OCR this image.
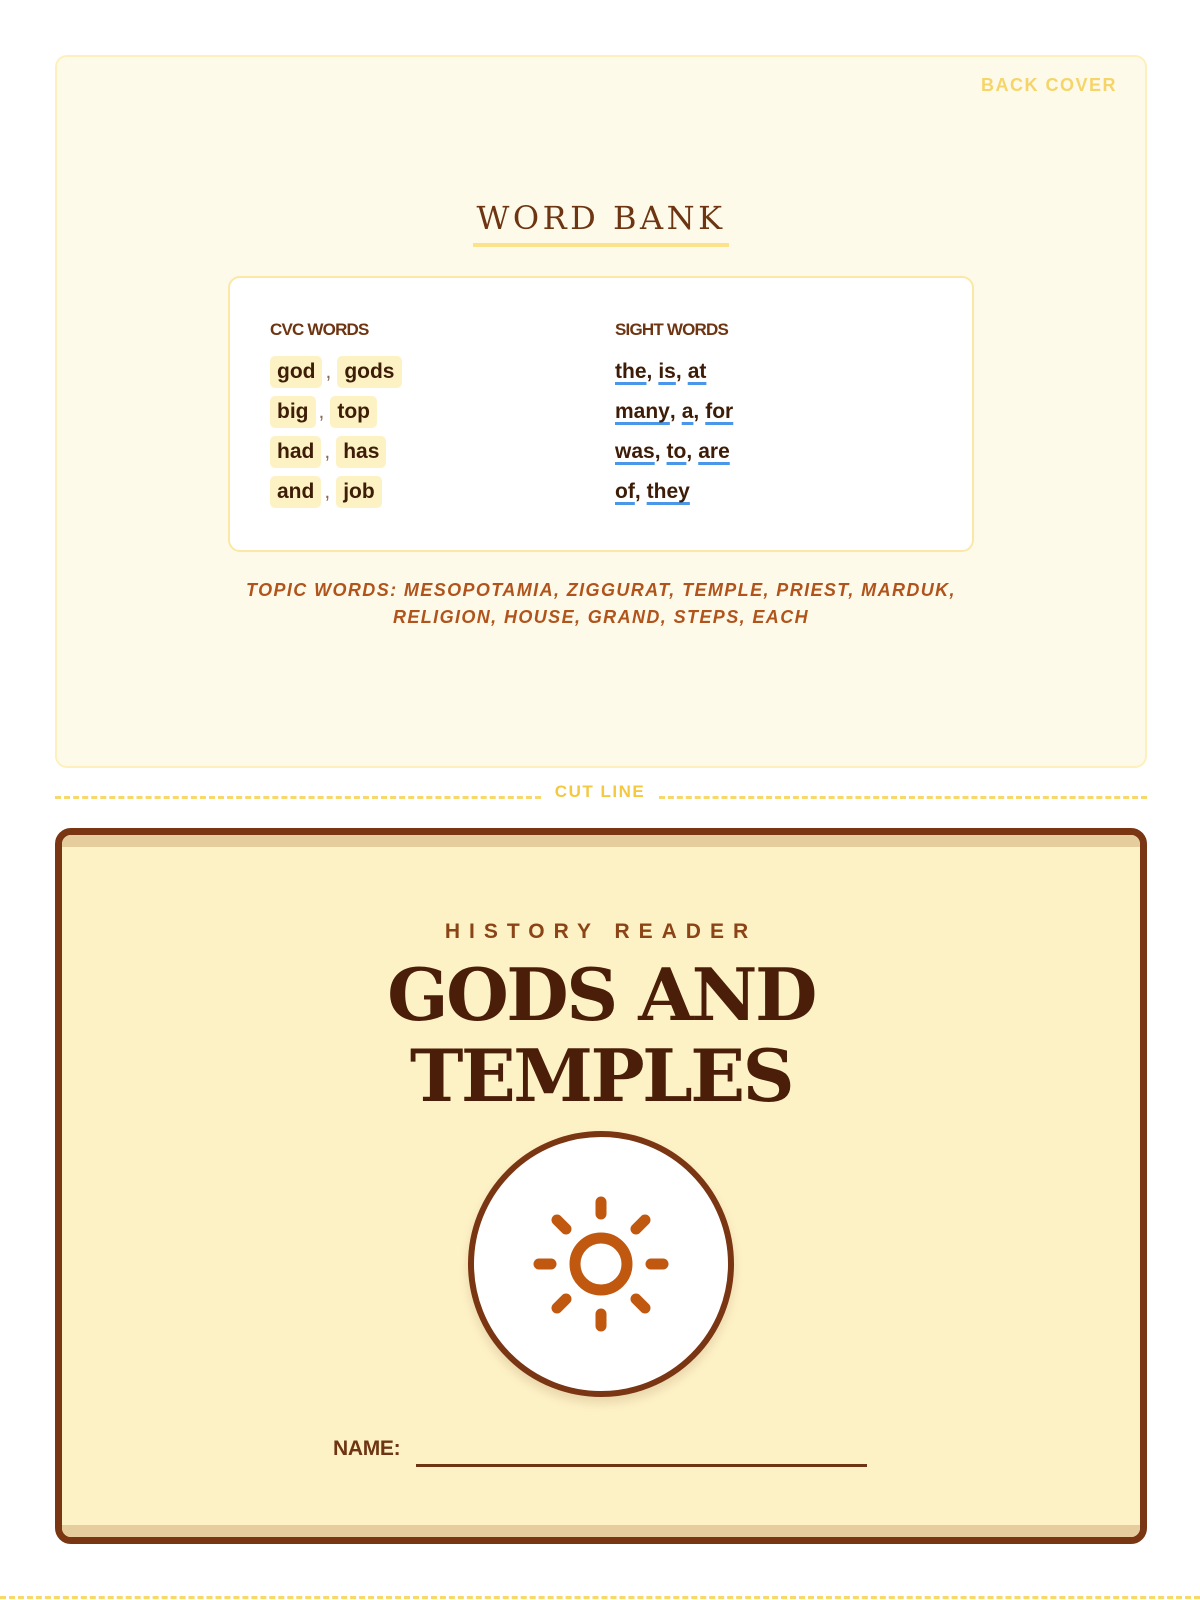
BACK COVER
WORD BANK
CVC WORDS
god , gods
big , top
had , has
and , job
SIGHT WORDS
the , is , at
many , a , for
was , to , are
of , they
TOPIC WORDS: MESOPOTAMIA, ZIGGURAT, TEMPLE, PRIEST, MARDUK, RELIGION, HOUSE, GRAND, STEPS, EACH
CUT LINE
HISTORY READER
GODS AND
TEMPLES
NAME:
